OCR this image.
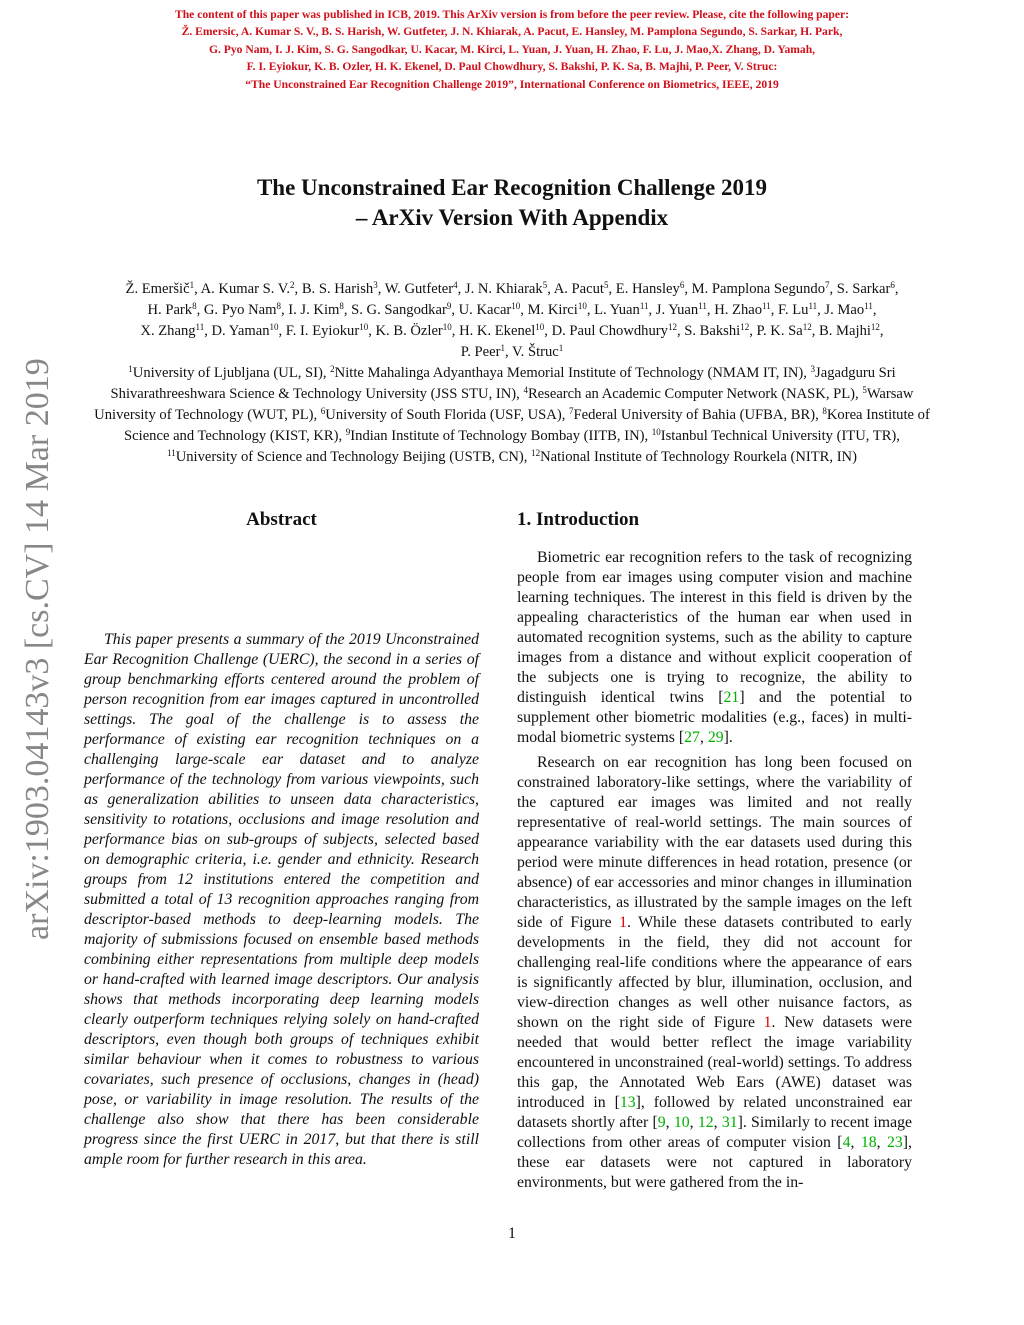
The content of this paper was published in ICB, 2019. This ArXiv version is from before the peer review. Please, cite the following paper:
Ž. Emersic, A. Kumar S. V., B. S. Harish, W. Gutfeter, J. N. Khiarak, A. Pacut, E. Hansley, M. Pamplona Segundo, S. Sarkar, H. Park,
G. Pyo Nam, I. J. Kim, S. G. Sangodkar, U. Kacar, M. Kirci, L. Yuan, J. Yuan, H. Zhao, F. Lu, J. Mao,X. Zhang, D. Yamah,
F. I. Eyiokur, K. B. Ozler, H. K. Ekenel, D. Paul Chowdhury, S. Bakshi, P. K. Sa, B. Majhi, P. Peer, V. Struc:
“The Unconstrained Ear Recognition Challenge 2019”, International Conference on Biometrics, IEEE, 2019
The Unconstrained Ear Recognition Challenge 2019
– ArXiv Version With Appendix
Ž. Emeršič$^1$, A. Kumar S. V.$^2$, B. S. Harish$^3$, W. Gutfeter$^4$, J. N. Khiarak$^5$, A. Pacut$^5$, E. Hansley$^6$, M. Pamplona Segundo$^7$, S. Sarkar$^6$,
H. Park$^8$, G. Pyo Nam$^8$, I. J. Kim$^8$, S. G. Sangodkar$^9$, U. Kacar$^{10}$, M. Kirci$^{10}$, L. Yuan$^{11}$, J. Yuan$^{11}$, H. Zhao$^{11}$, F. Lu$^{11}$, J. Mao$^{11}$,
X. Zhang$^{11}$, D. Yaman$^{10}$, F. I. Eyiokur$^{10}$, K. B. Özler$^{10}$, H. K. Ekenel$^{10}$, D. Paul Chowdhury$^{12}$, S. Bakshi$^{12}$, P. K. Sa$^{12}$, B. Majhi$^{12}$,
P. Peer$^1$, V. Štruc$^1$
$^1$University of Ljubljana (UL, SI), $^2$Nitte Mahalinga Adyanthaya Memorial Institute of Technology (NMAM IT, IN), $^3$Jagadguru Sri Shivarathreeshwara Science & Technology University (JSS STU, IN), $^4$Research an Academic Computer Network (NASK, PL), $^5$Warsaw University of Technology (WUT, PL), $^6$University of South Florida (USF, USA), $^7$Federal University of Bahia (UFBA, BR), $^8$Korea Institute of Science and Technology (KIST, KR), $^9$Indian Institute of Technology Bombay (IITB, IN), $^{10}$Istanbul Technical University (ITU, TR), $^{11}$University of Science and Technology Beijing (USTB, CN), $^{12}$National Institute of Technology Rourkela (NITR, IN)
Abstract

This paper presents a summary of the 2019 Unconstrained Ear Recognition Challenge (UERC), the second in a series of group benchmarking efforts centered around the problem of person recognition from ear images captured in uncontrolled settings. The goal of the challenge is to assess the performance of existing ear recognition techniques on a challenging large-scale ear dataset and to analyze performance of the technology from various viewpoints, such as generalization abilities to unseen data characteristics, sensitivity to rotations, occlusions and image resolution and performance bias on sub-groups of subjects, selected based on demographic criteria, i.e. gender and ethnicity. Research groups from 12 institutions entered the competition and submitted a total of 13 recognition approaches ranging from descriptor-based methods to deep-learning models. The majority of submissions focused on ensemble based methods combining either representations from multiple deep models or hand-crafted with learned image descriptors. Our analysis shows that methods incorporating deep learning models clearly outperform techniques relying solely on hand-crafted descriptors, even though both groups of techniques exhibit similar behaviour when it comes to robustness to various covariates, such presence of occlusions, changes in (head) pose, or variability in image resolution. The results of the challenge also show that there has been considerable progress since the first UERC in 2017, but that there is still ample room for further research in this area.

1. Introduction

Biometric ear recognition refers to the task of recognizing people from ear images using computer vision and machine learning techniques. The interest in this field is driven by the appealing characteristics of the human ear when used in automated recognition systems, such as the ability to capture images from a distance and without explicit cooperation of the subjects one is trying to recognize, the ability to distinguish identical twins [21] and the potential to supplement other biometric modalities (e.g., faces) in multi-modal biometric systems [27, 29].

Research on ear recognition has long been focused on constrained laboratory-like settings, where the variability of the captured ear images was limited and not really representative of real-world settings. The main sources of appearance variability with the ear datasets used during this period were minute differences in head rotation, presence (or absence) of ear accessories and minor changes in illumination characteristics, as illustrated by the sample images on the left side of Figure 1. While these datasets contributed to early developments in the field, they did not account for challenging real-life conditions where the appearance of ears is significantly affected by blur, illumination, occlusion, and view-direction changes as well other nuisance factors, as shown on the right side of Figure 1. New datasets were needed that would better reflect the image variability encountered in unconstrained (real-world) settings. To address this gap, the Annotated Web Ears (AWE) dataset was introduced in [13], followed by related unconstrained ear datasets shortly after [9, 10, 12, 31]. Similarly to recent image collections from other areas of computer vision [4, 18, 23], these ear datasets were not captured in laboratory environments, but were gathered from the in-

arXiv:1903.04143v3 [cs.CV] 14 Mar 2019
1
